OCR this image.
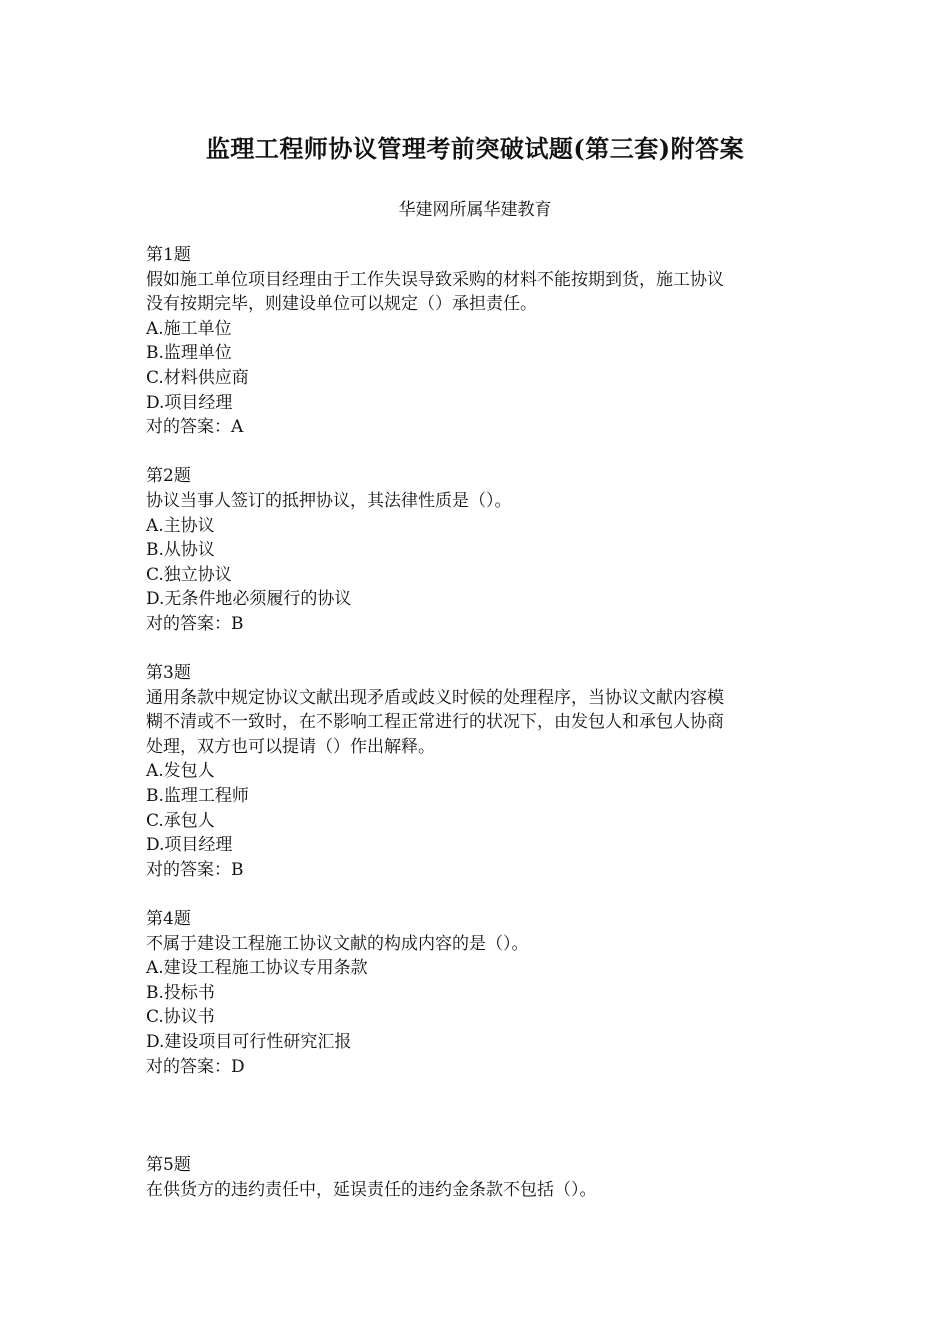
监理工程师协议管理考前突破试题(第三套)附答案

华建网所属华建教育

第1题
假如施工单位项目经理由于工作失误导致采购的材料不能按期到货，施工协议
没有按期完毕，则建设单位可以规定（）承担责任。
A.施工单位
B.监理单位
C.材料供应商
D.项目经理
对的答案：A
第2题
协议当事人签订的抵押协议，其法律性质是（）。
A.主协议
B.从协议
C.独立协议
D.无条件地必须履行的协议
对的答案：B
第3题
通用条款中规定协议文献出现矛盾或歧义时候的处理程序，当协议文献内容模
糊不清或不一致时，在不影响工程正常进行的状况下，由发包人和承包人协商
处理，双方也可以提请（）作出解释。
A.发包人
B.监理工程师
C.承包人
D.项目经理
对的答案：B
第4题
不属于建设工程施工协议文献的构成内容的是（）。
A.建设工程施工协议专用条款
B.投标书
C.协议书
D.建设项目可行性研究汇报
对的答案：D
第5题
在供货方的违约责任中，延误责任的违约金条款不包括（）。
